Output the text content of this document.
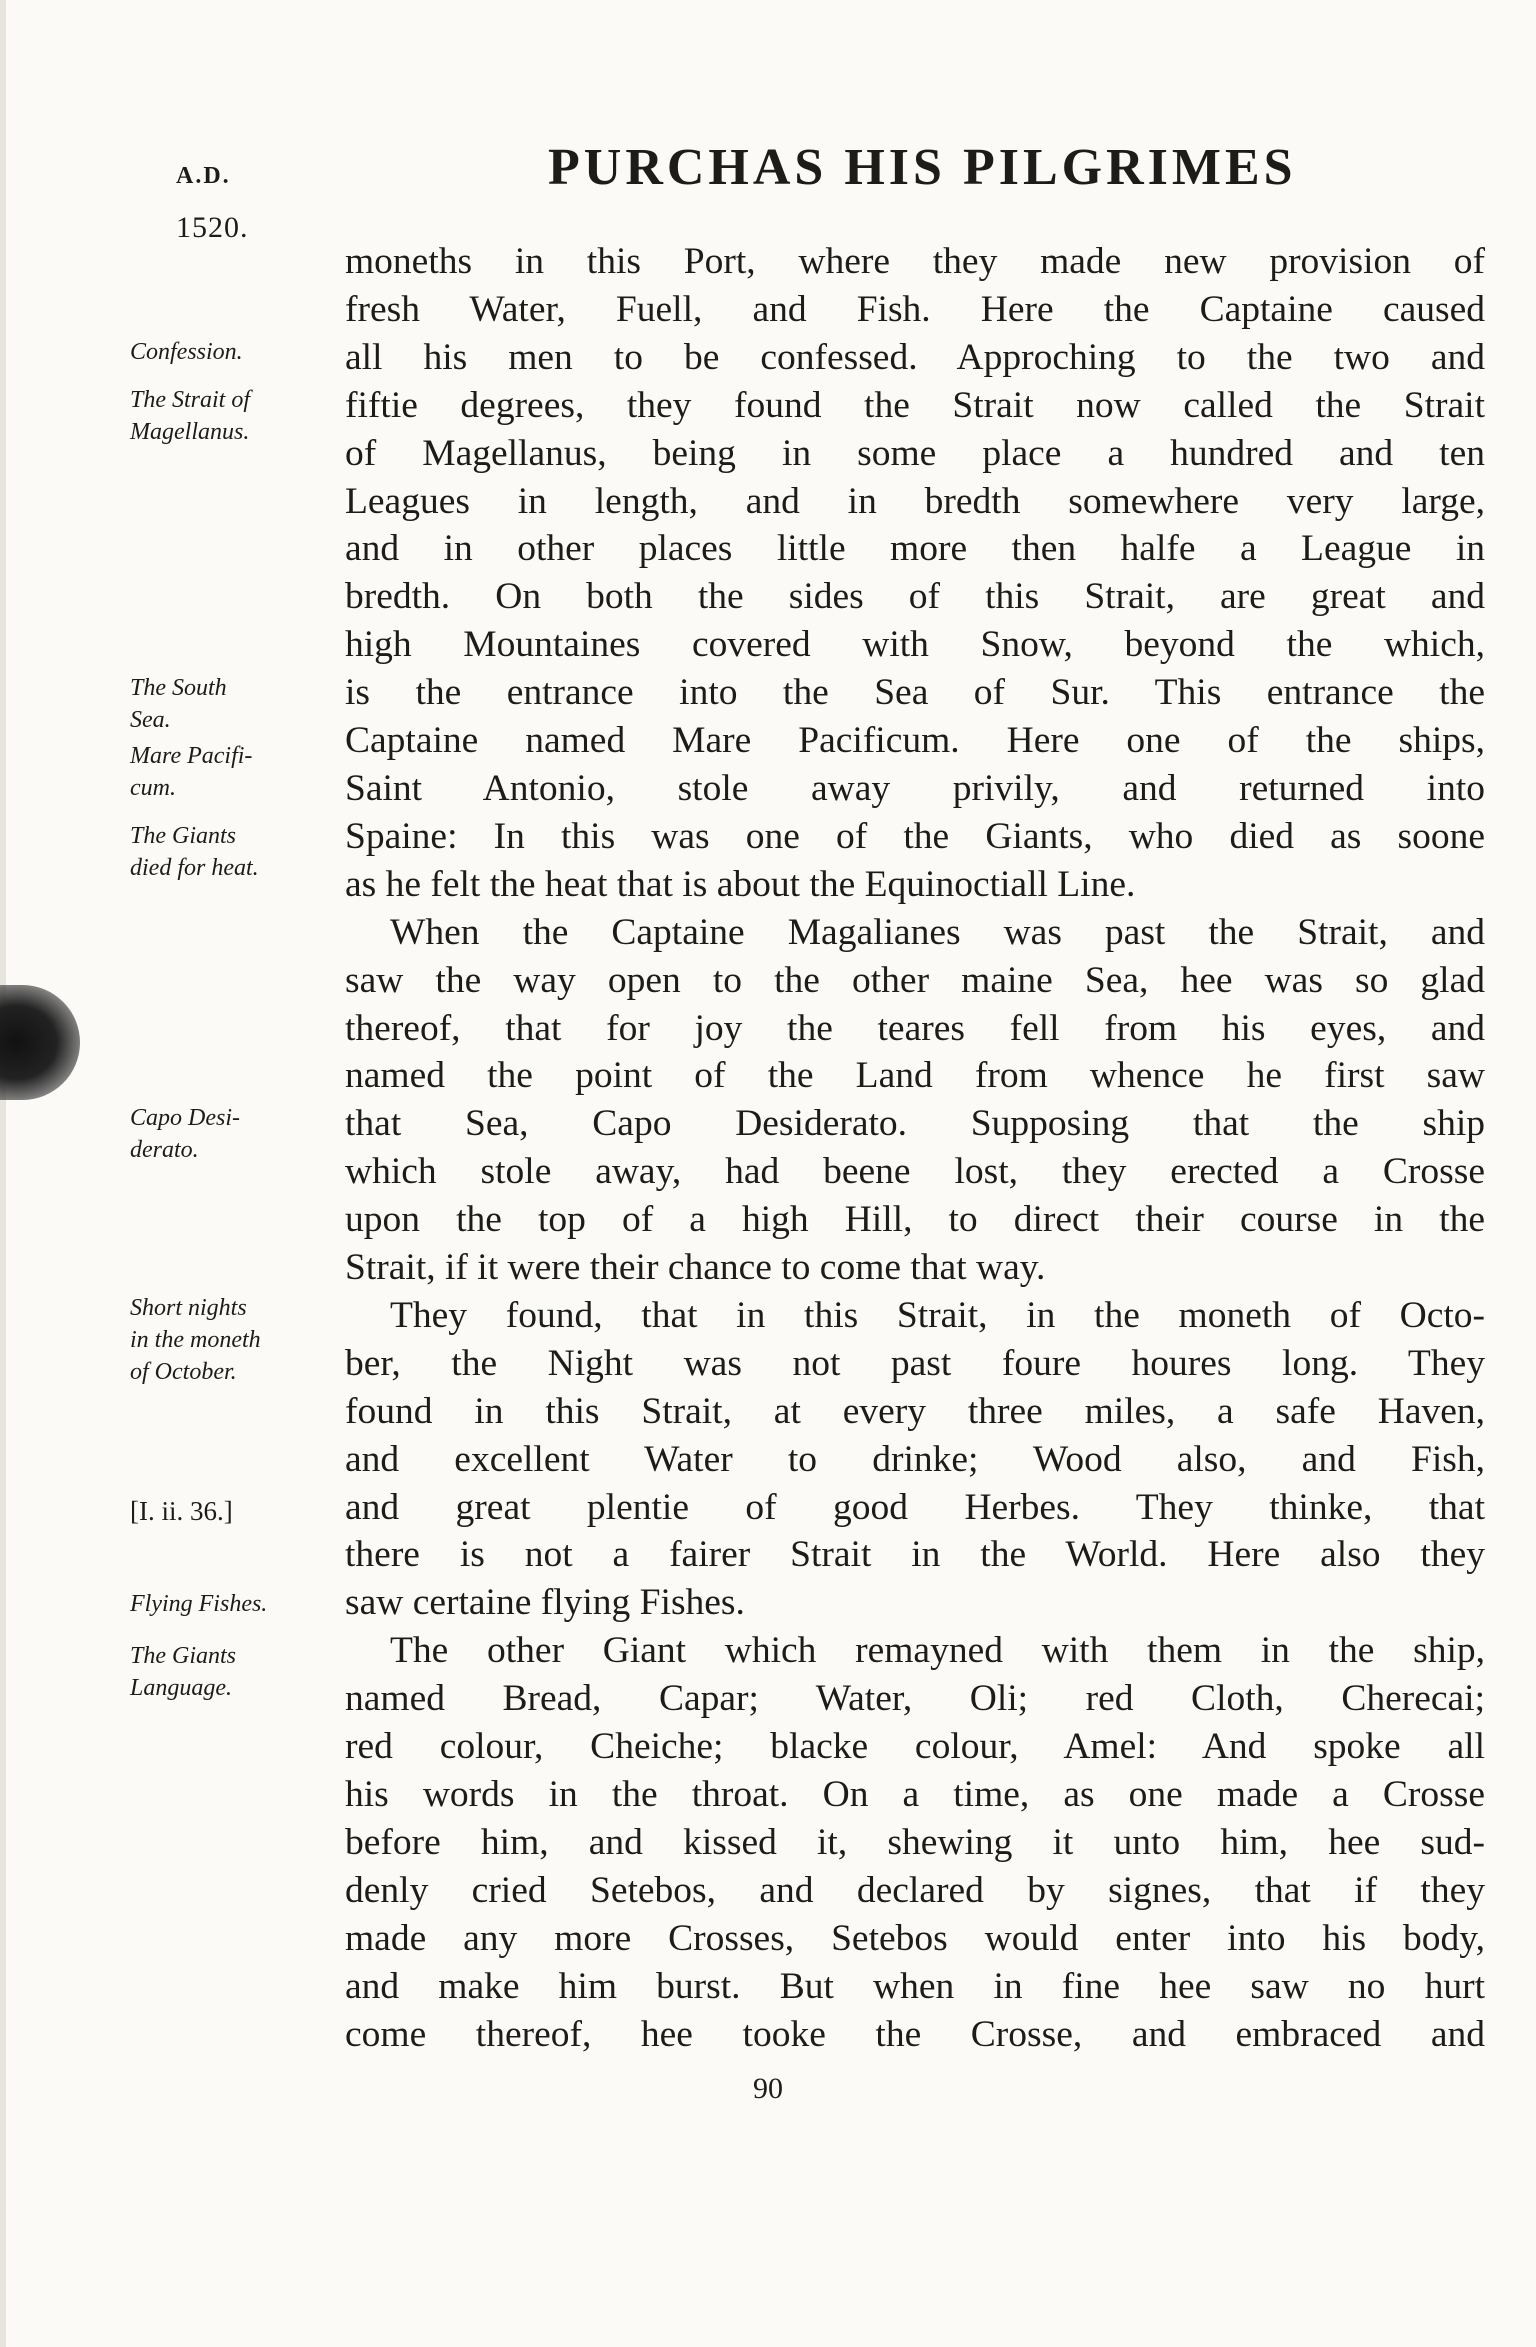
A.D.
1520.
PURCHAS HIS PILGRIMES
Confession.
The Strait of
Magellanus.
The South
Sea.
Mare Pacifi-
cum.
The Giants
died for heat.
Capo Desi-
derato.
Short nights
in the moneth
of October.
[I. ii. 36.]
Flying Fishes.
The Giants
Language.
moneths in this Port, where they made new provision of
fresh Water, Fuell, and Fish. Here the Captaine caused
all his men to be confessed. Approching to the two and
fiftie degrees, they found the Strait now called the Strait
of Magellanus, being in some place a hundred and ten
Leagues in length, and in bredth somewhere very large,
and in other places little more then halfe a League in
bredth. On both the sides of this Strait, are great and
high Mountaines covered with Snow, beyond the which,
is the entrance into the Sea of Sur. This entrance the
Captaine named Mare Pacificum. Here one of the ships,
Saint Antonio, stole away privily, and returned into
Spaine: In this was one of the Giants, who died as soone
as he felt the heat that is about the Equinoctiall Line.
When the Captaine Magalianes was past the Strait, and
saw the way open to the other maine Sea, hee was so glad
thereof, that for joy the teares fell from his eyes, and
named the point of the Land from whence he first saw
that Sea, Capo Desiderato. Supposing that the ship
which stole away, had beene lost, they erected a Crosse
upon the top of a high Hill, to direct their course in the
Strait, if it were their chance to come that way.
They found, that in this Strait, in the moneth of Octo-
ber, the Night was not past foure houres long. They
found in this Strait, at every three miles, a safe Haven,
and excellent Water to drinke; Wood also, and Fish,
and great plentie of good Herbes. They thinke, that
there is not a fairer Strait in the World. Here also they
saw certaine flying Fishes.
The other Giant which remayned with them in the ship,
named Bread, Capar; Water, Oli; red Cloth, Cherecai;
red colour, Cheiche; blacke colour, Amel: And spoke all
his words in the throat. On a time, as one made a Crosse
before him, and kissed it, shewing it unto him, hee sud-
denly cried Setebos, and declared by signes, that if they
made any more Crosses, Setebos would enter into his body,
and make him burst. But when in fine hee saw no hurt
come thereof, hee tooke the Crosse, and embraced and
90
